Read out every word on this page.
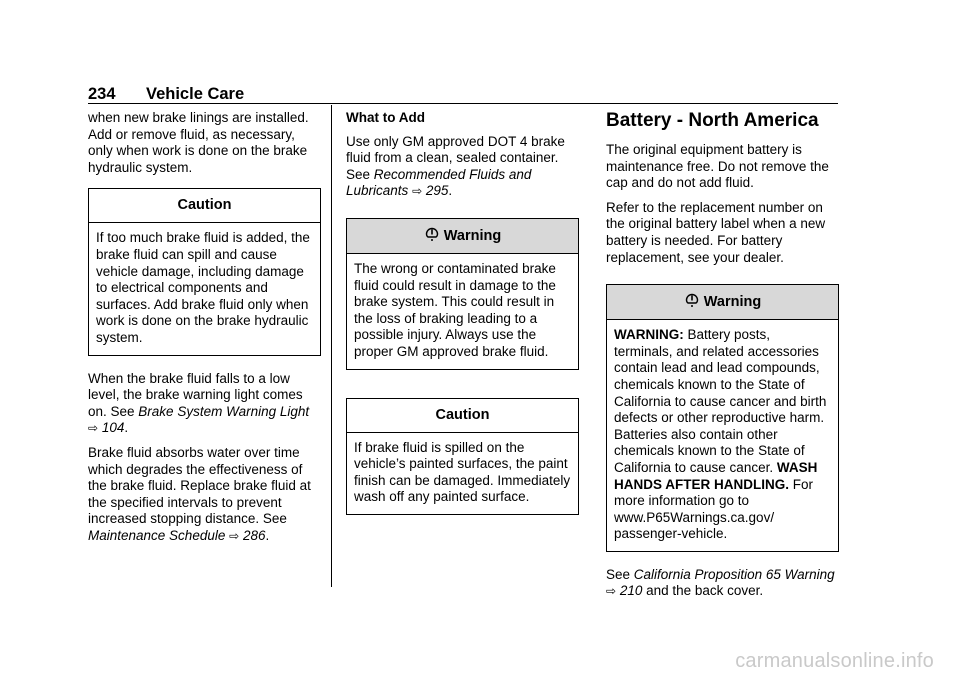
234 Vehicle Care

when new brake linings are installed. Add or remove fluid, as necessary, only when work is done on the brake hydraulic system.

Caution
If too much brake fluid is added, the brake fluid can spill and cause vehicle damage, including damage to electrical components and surfaces. Add brake fluid only when work is done on the brake hydraulic system.

When the brake fluid falls to a low level, the brake warning light comes on. See Brake System Warning Light ⇨ 104.

Brake fluid absorbs water over time which degrades the effectiveness of the brake fluid. Replace brake fluid at the specified intervals to prevent increased stopping distance. See Maintenance Schedule ⇨ 286.

What to Add

Use only GM approved DOT 4 brake fluid from a clean, sealed container. See Recommended Fluids and Lubricants ⇨ 295.

Warning
The wrong or contaminated brake fluid could result in damage to the brake system. This could result in the loss of braking leading to a possible injury. Always use the proper GM approved brake fluid.
Caution
If brake fluid is spilled on the vehicle’s painted surfaces, the paint finish can be damaged. Immediately wash off any painted surface.
Battery - North America

The original equipment battery is maintenance free. Do not remove the cap and do not add fluid.

Refer to the replacement number on the original battery label when a new battery is needed. For battery replacement, see your dealer.

Warning
WARNING: Battery posts, terminals, and related accessories contain lead and lead compounds, chemicals known to the State of California to cause cancer and birth defects or other reproductive harm. Batteries also contain other chemicals known to the State of California to cause cancer. WASH HANDS AFTER HANDLING. For more information go to www.P65Warnings.ca.gov/ passenger-vehicle.

See California Proposition 65 Warning ⇨ 210 and the back cover.

carmanualsonline.info
